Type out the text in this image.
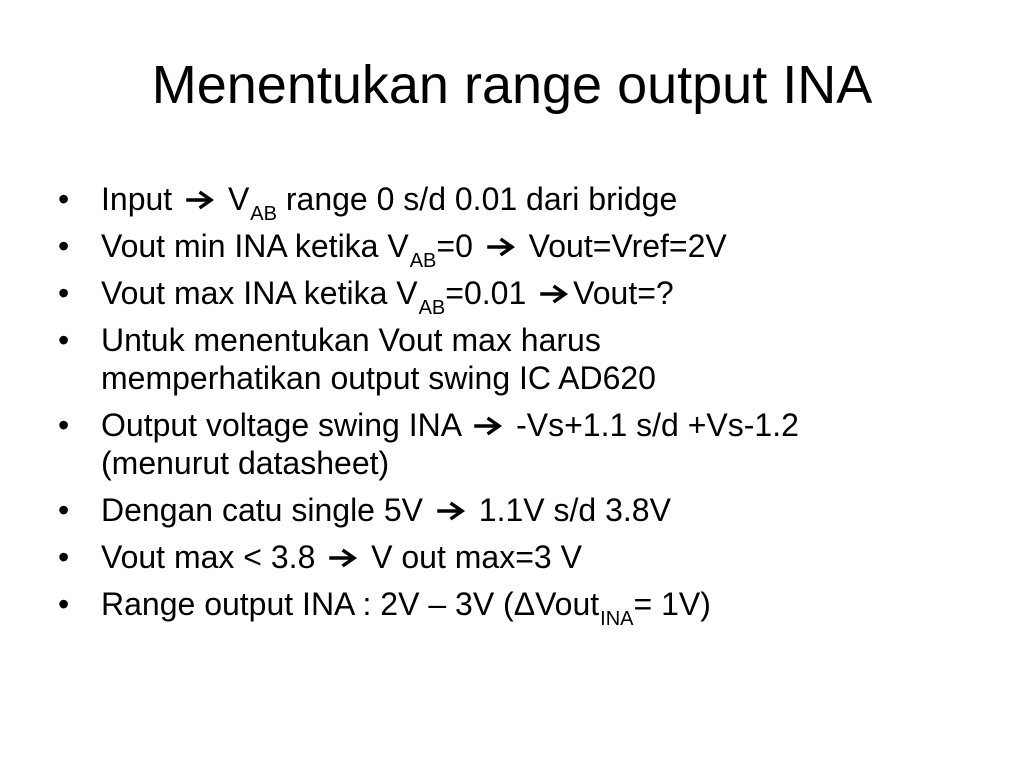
Menentukan range output INA
• Input $V_{AB}$ range 0 s/d 0.01 dari bridge
• Vout min INA ketika $V_{AB}=0$ Vout=Vref=2V
• Vout max INA ketika $V_{AB}=0.01$ Vout=?
• Untuk menentukan Vout max harus
memperhatikan output swing IC AD620
• Output voltage swing INA -Vs+1.1 s/d +Vs-1.2
(menurut datasheet)
• Dengan catu single 5V 1.1V s/d 3.8V
• Vout max < 3.8 V out max=3 V
• Range output INA : 2V – 3V (ΔVout$_{INA}$= 1V)
